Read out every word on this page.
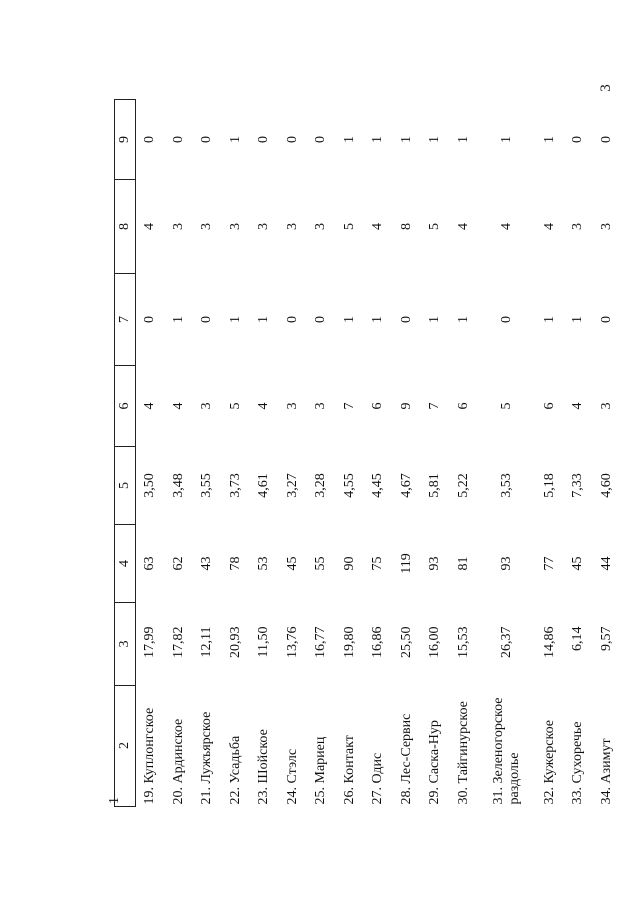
3
1
2	3	4	5	6	7	8	9
19. Куплонгское	17,99	63	3,50	4	0	4	0
20. Ардинское	17,82	62	3,48	4	1	3	0
21. Лужъярское	12,11	43	3,55	3	0	3	0
22. Усадьба	20,93	78	3,73	5	1	3	1
23. Шойское	11,50	53	4,61	4	1	3	0
24. Стэлс	13,76	45	3,27	3	0	3	0
25. Мариец	16,77	55	3,28	3	0	3	0
26. Контакт	19,80	90	4,55	7	1	5	1
27. Одис	16,86	75	4,45	6	1	4	1
28. Лес-Сервис	25,50	119	4,67	9	0	8	1
29. Саска-Нур	16,00	93	5,81	7	1	5	1
30. Тайгинурское	15,53	81	5,22	6	1	4	1
31. Зеленогорское раздолье	26,37	93	3,53	5	0	4	1
32. Кужерское	14,86	77	5,18	6	1	4	1
33. Сухоречье	6,14	45	7,33	4	1	3	0
34. Азимут	9,57	44	4,60	3	0	3	0
